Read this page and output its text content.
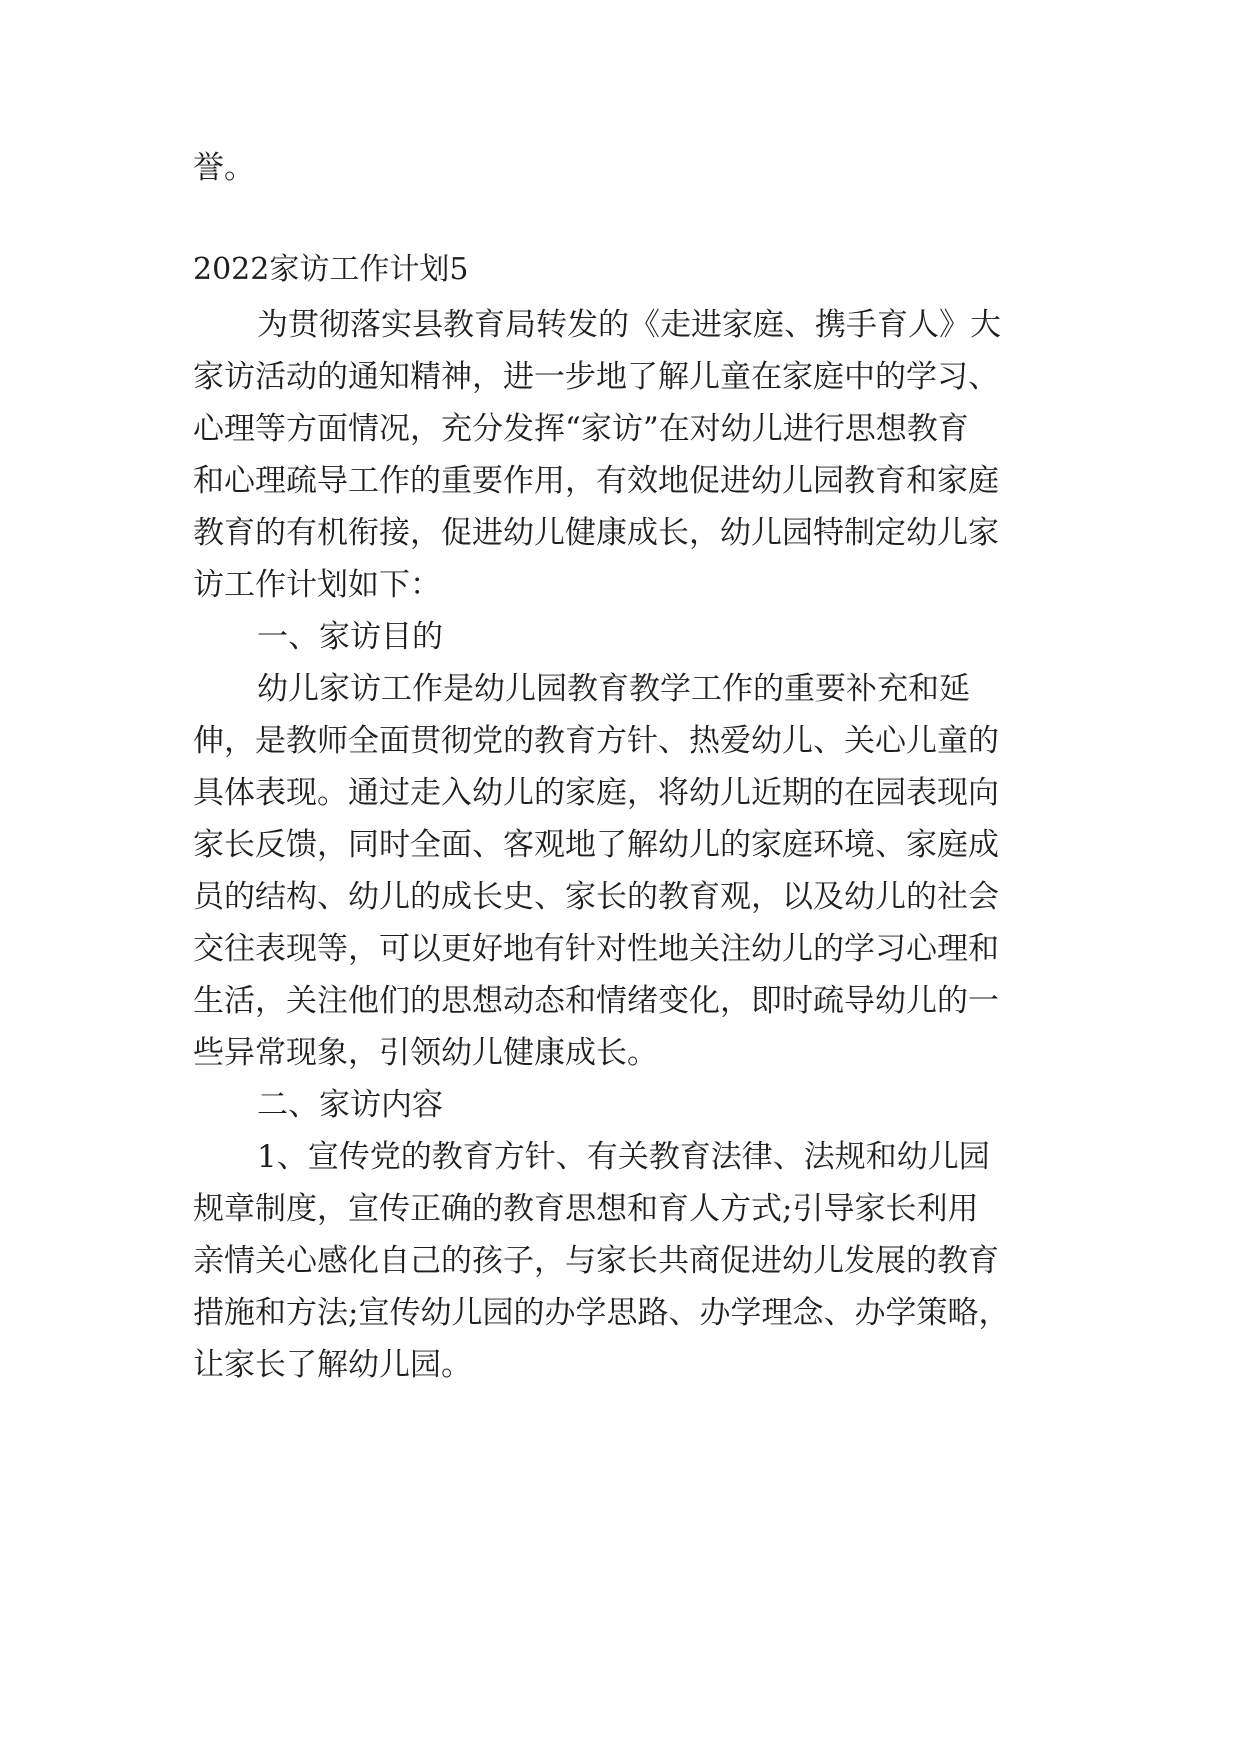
誉。
2022家访工作计划5
为贯彻落实县教育局转发的《走进家庭、携手育人》大
家访活动的通知精神，进一步地了解儿童在家庭中的学习、
心理等方面情况，充分发挥“家访”在对幼儿进行思想教育
和心理疏导工作的重要作用，有效地促进幼儿园教育和家庭
教育的有机衔接，促进幼儿健康成长，幼儿园特制定幼儿家
访工作计划如下：
一、家访目的
幼儿家访工作是幼儿园教育教学工作的重要补充和延
伸，是教师全面贯彻党的教育方针、热爱幼儿、关心儿童的
具体表现。通过走入幼儿的家庭，将幼儿近期的在园表现向
家长反馈，同时全面、客观地了解幼儿的家庭环境、家庭成
员的结构、幼儿的成长史、家长的教育观，以及幼儿的社会
交往表现等，可以更好地有针对性地关注幼儿的学习心理和
生活，关注他们的思想动态和情绪变化，即时疏导幼儿的一
些异常现象，引领幼儿健康成长。
二、家访内容
1、宣传党的教育方针、有关教育法律、法规和幼儿园
规章制度，宣传正确的教育思想和育人方式;引导家长利用
亲情关心感化自己的孩子，与家长共商促进幼儿发展的教育
措施和方法;宣传幼儿园的办学思路、办学理念、办学策略，
让家长了解幼儿园。
